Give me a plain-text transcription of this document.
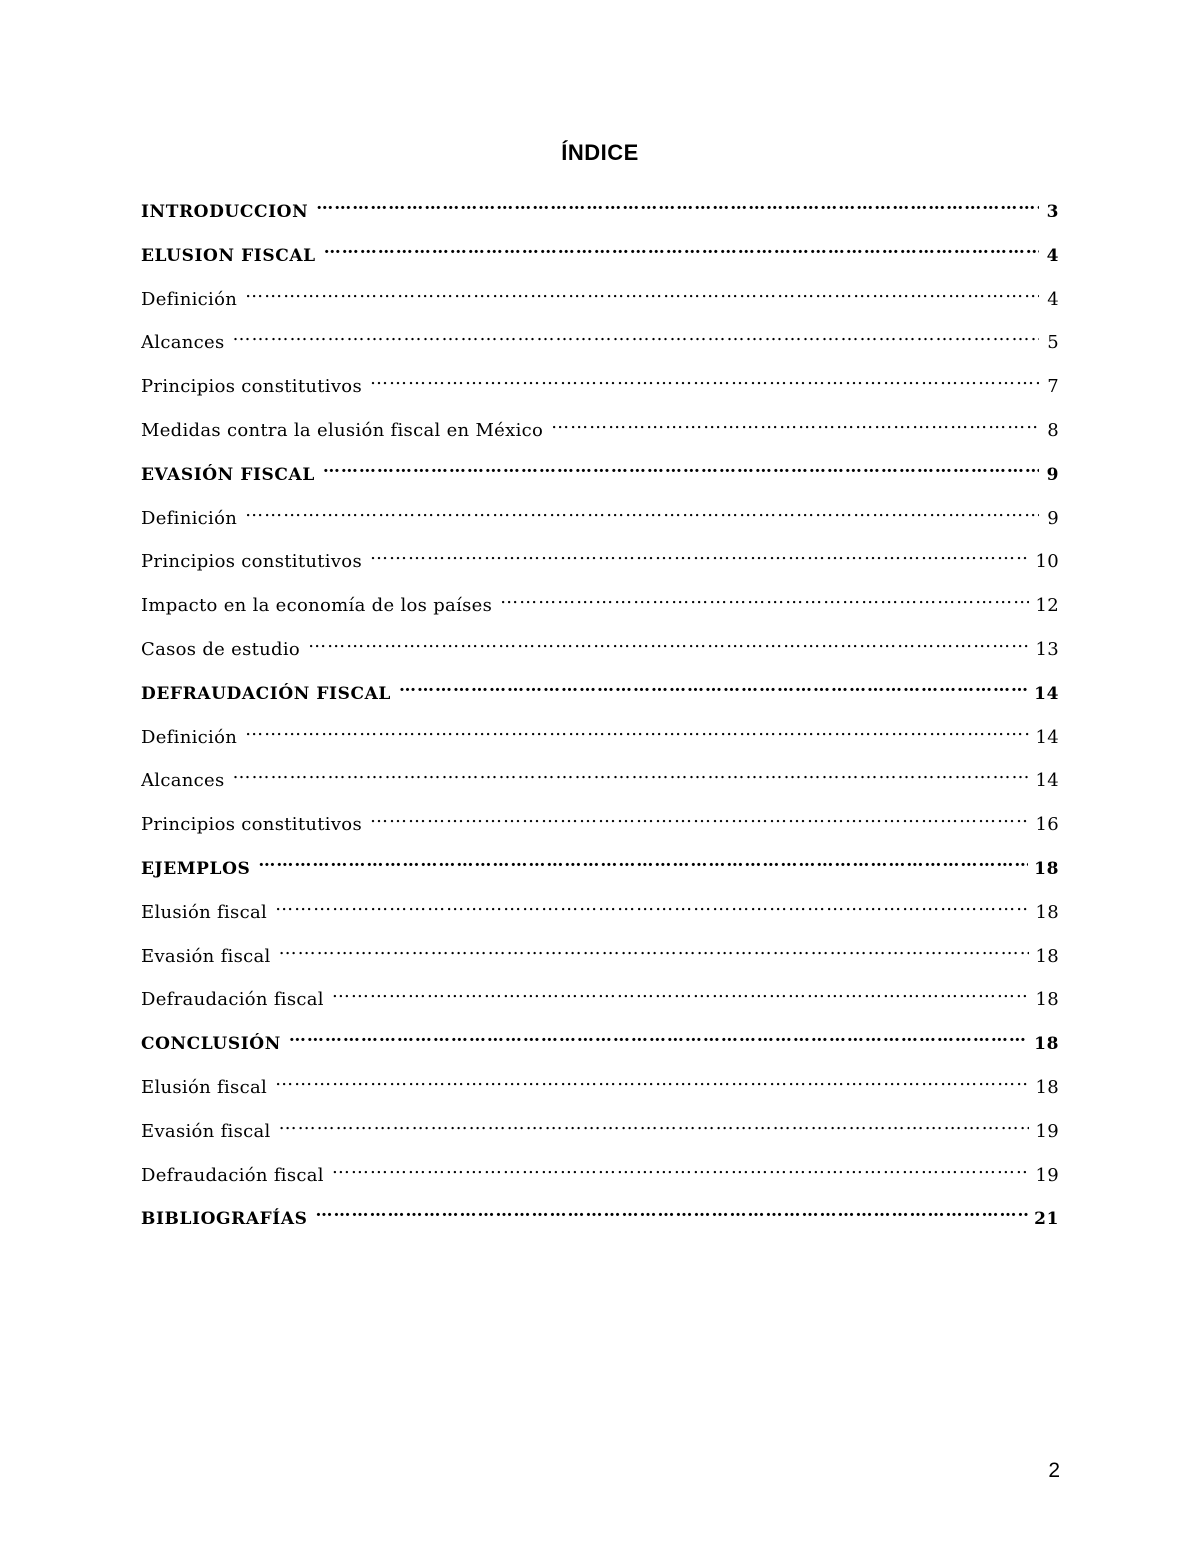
ÍNDICE
INTRODUCCION ……………………………………………………………………………………………………………………………………………………………………………………………………………………	3
ELUSION FISCAL ……………………………………………………………………………………………………………………………………………………………………………………………………………………	4
Definición ……………………………………………………………………………………………………………………………………………………………………………………………………………………	4
Alcances ……………………………………………………………………………………………………………………………………………………………………………………………………………………	5
Principios constitutivos ……………………………………………………………………………………………………………………………………………………………………………………………………………………	7
Medidas contra la elusión fiscal en México ……………………………………………………………………………………………………………………………………………………………………………………………………………………	8
EVASIÓN FISCAL ……………………………………………………………………………………………………………………………………………………………………………………………………………………	9
Definición ……………………………………………………………………………………………………………………………………………………………………………………………………………………	9
Principios constitutivos ……………………………………………………………………………………………………………………………………………………………………………………………………………………	10
Impacto en la economía de los países ……………………………………………………………………………………………………………………………………………………………………………………………………………………	12
Casos de estudio ……………………………………………………………………………………………………………………………………………………………………………………………………………………	13
DEFRAUDACIÓN FISCAL ……………………………………………………………………………………………………………………………………………………………………………………………………………………	14
Definición ……………………………………………………………………………………………………………………………………………………………………………………………………………………	14
Alcances ……………………………………………………………………………………………………………………………………………………………………………………………………………………	14
Principios constitutivos ……………………………………………………………………………………………………………………………………………………………………………………………………………………	16
EJEMPLOS ……………………………………………………………………………………………………………………………………………………………………………………………………………………	18
Elusión fiscal ……………………………………………………………………………………………………………………………………………………………………………………………………………………	18
Evasión fiscal ……………………………………………………………………………………………………………………………………………………………………………………………………………………	18
Defraudación fiscal ……………………………………………………………………………………………………………………………………………………………………………………………………………………	18
CONCLUSIÓN ……………………………………………………………………………………………………………………………………………………………………………………………………………………	18
Elusión fiscal ……………………………………………………………………………………………………………………………………………………………………………………………………………………	18
Evasión fiscal ……………………………………………………………………………………………………………………………………………………………………………………………………………………	19
Defraudación fiscal ……………………………………………………………………………………………………………………………………………………………………………………………………………………	19
BIBLIOGRAFÍAS ……………………………………………………………………………………………………………………………………………………………………………………………………………………	21
2
